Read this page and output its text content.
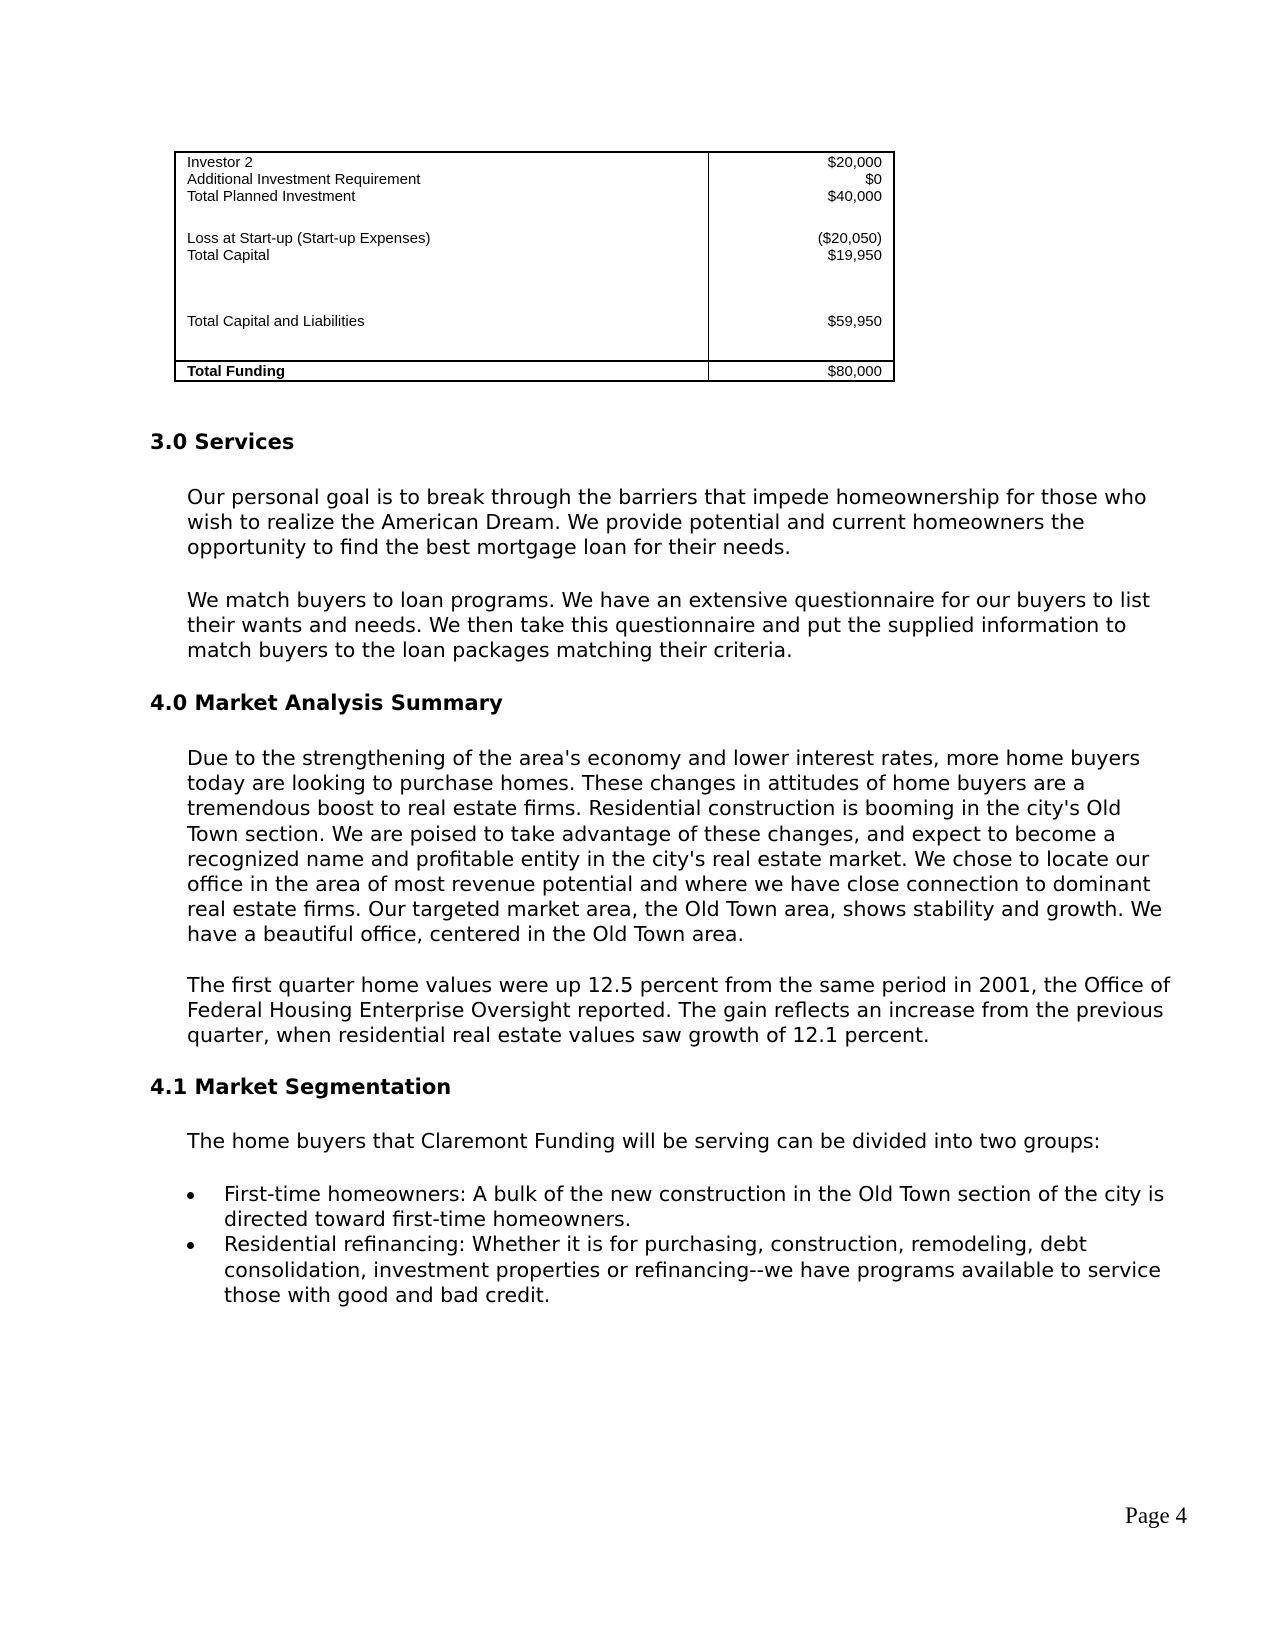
Investor 2	$20,000
Additional Investment Requirement	$0
Total Planned Investment	$40,000
Loss at Start-up (Start-up Expenses)	($20,050)
Total Capital	$19,950
Total Capital and Liabilities	$59,950
Total Funding	$80,000
3.0 Services
Our personal goal is to break through the barriers that impede homeownership for those who
wish to realize the American Dream. We provide potential and current homeowners the
opportunity to find the best mortgage loan for their needs.
We match buyers to loan programs. We have an extensive questionnaire for our buyers to list
their wants and needs. We then take this questionnaire and put the supplied information to
match buyers to the loan packages matching their criteria.
4.0 Market Analysis Summary
Due to the strengthening of the area's economy and lower interest rates, more home buyers
today are looking to purchase homes. These changes in attitudes of home buyers are a
tremendous boost to real estate firms. Residential construction is booming in the city's Old
Town section. We are poised to take advantage of these changes, and expect to become a
recognized name and profitable entity in the city's real estate market. We chose to locate our
office in the area of most revenue potential and where we have close connection to dominant
real estate firms. Our targeted market area, the Old Town area, shows stability and growth. We
have a beautiful office, centered in the Old Town area.
The first quarter home values were up 12.5 percent from the same period in 2001, the Office of
Federal Housing Enterprise Oversight reported. The gain reflects an increase from the previous
quarter, when residential real estate values saw growth of 12.1 percent.
4.1 Market Segmentation
The home buyers that Claremont Funding will be serving can be divided into two groups:
First-time homeowners: A bulk of the new construction in the Old Town section of the city is
directed toward first-time homeowners.
Residential refinancing: Whether it is for purchasing, construction, remodeling, debt
consolidation, investment properties or refinancing--we have programs available to service
those with good and bad credit.
Page 4
